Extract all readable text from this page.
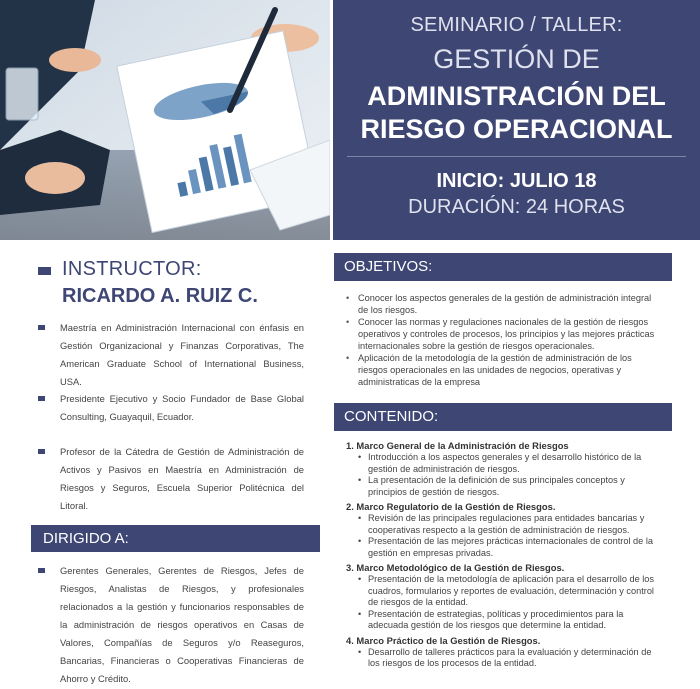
SEMINARIO / TALLER:
GESTIÓN DE
ADMINISTRACIÓN DEL
RIESGO OPERACIONAL
INICIO: JULIO 18
DURACIÓN: 24 HORAS
INSTRUCTOR:
RICARDO A. RUIZ C.
Maestría en Administración Internacional con énfasis en Gestión Organizacional y Finanzas Corporativas, The American Graduate School of International Business, USA.
Presidente Ejecutivo y Socio Fundador de Base Global Consulting, Guayaquil, Ecuador.
Profesor de la Cátedra de Gestión de Administración de Activos y Pasivos en Maestría en Administración de Riesgos y Seguros, Escuela Superior Politécnica del Litoral.
DIRIGIDO A:
Gerentes Generales, Gerentes de Riesgos, Jefes de Riesgos, Analistas de Riesgos, y profesionales relacionados a la gestión y funcionarios responsables de la administración de riesgos operativos en Casas de Valores, Compañías de Seguros y/o Reaseguros, Bancarias, Financieras o Cooperativas Financieras de Ahorro y Crédito.
OBJETIVOS:
• Conocer los aspectos generales de la gestión de administración integral de los riesgos.
• Conocer las normas y regulaciones nacionales de la gestión de riesgos operativos y controles de procesos, los principios y las mejores prácticas internacionales sobre la gestión de riesgos operacionales.
• Aplicación de la metodología de la gestión de administración de los riesgos operacionales en las unidades de negocios, operativas y administraticas de la empresa
CONTENIDO:
1. Marco General de la Administración de Riesgos
• Introducción a los aspectos generales y el desarrollo histórico de la gestión de administración de riesgos.
• La presentación de la definición de sus principales conceptos y principios de gestión de riesgos.
2. Marco Regulatorio de la Gestión de Riesgos.
• Revisión de las principales regulaciones para entidades bancarias y cooperativas respecto a la gestión de administración de riesgos.
• Presentación de las mejores prácticas internacionales de control de la gestión en empresas privadas.
3. Marco Metodológico de la Gestión de Riesgos.
• Presentación de la metodología de aplicación para el desarrollo de los cuadros, formularios y reportes de evaluación, determinación y control de riesgos de la entidad.
• Presentación de estrategias, políticas y procedimientos para la adecuada gestión de los riesgos que determine la entidad.
4. Marco Práctico de la Gestión de Riesgos.
• Desarrollo de talleres prácticos para la evaluación y determinación de los riesgos de los procesos de la entidad.
